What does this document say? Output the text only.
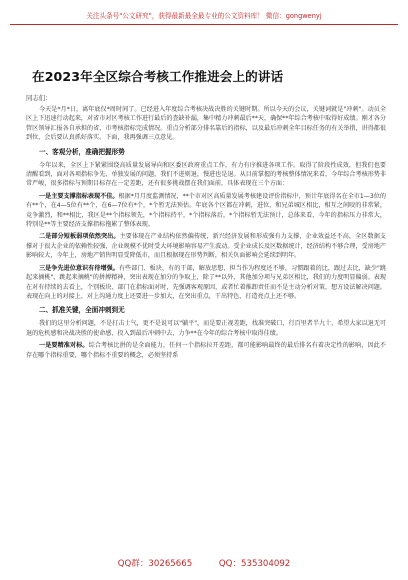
关注头条号"公文研究"，获得最新最全最专业的公文资料库！ 微信：gongwenyj
在2023年全区综合考核工作推进会上的讲话
同志们：

今天是*月*日，离年底仅*周时间了。已经进入年度综合考核决战决胜的关键时期。所以今天的会议，关键词就是"冲刺"。动员全区上下迅速行动起来，对省市对区考核工作进行最后的查缺补漏，集中精力冲刺最后**天，确保**年综合考核中取得好成绩。刚才各分管区领导汇报各自承担的省、市考核指标完成情况。重点分析部分排名靠后的指标，以及最后冲刺全年目标任务的有关举措，讲得都很到位，会后要认真抓好落实。下面，我再强调三点意见。

一、客观分析，准确把握形势

今年以来，全区上下紧紧围绕高质量发展导向和区委区政府重点工作，有力有序推进各项工作。取得了阶段性成效，但我们也要清醒看到，面对各项指标争先、单独发展的问题，我们不进则退，慢进也是退。从目前掌握的考核整体情况来看，今年综合考核形势非常严峻，很多指标与预期目标存在一定差距，还有很多挑战摆在我们面前，具体表现在三个方面：

一是主要支撑指标表现不佳。根据*月月度监测情况，**个市对区高质量发展考核建设评价指标中，预计年底得名在全市1—3位的有**个，在4—5位有**个，在6—7位有*个，*个暂无法预估。年底各个区都在冲刺，进位，和兄弟城区相比，相互之间咬的非常紧，竞争激烈，和**相比，我区是**个指标领先，*个指标持平，*个指标落后，*个指标暂无法预计，总体来看，今年的指标压力非常大，特别是**等主要经济支撑指标拖累了整体表现。

二是部分短板弱项依然突出。主要体现在产业结构依然偏传统，新兴经济发展和形成强有力支撑，企业效益还不高，全区数据支撑对于很大企业的依赖性较强，企业规模不优时受大环境影响容易产生波动。受企业成长及区数据统计，经济结构不够合理，受房地产影响较大，今年上，房地产销售明显受降低市，而且根据现在形势判断，相关负面影响会延续到明年。

三是争先进位意识有待增强。有些部门、板块、有的干部，解放思想、担当作为程度还不够，习惯跟着的比，跟过去比，缺少"跳起来摘桃"、跳起来摘桃"的拼搏精神，突出表现在加分的争取上，除了**以外，其他加分项与兄弟区相比，我们的力度明显偏弱。表现在对有持续的去看上，个别板块、部门在指标面对时，先强调客观原因，或者忙着推卸责任而不是主动分析对策，想方设法解决问题。表现在向上的对接上，对上沟通力度上还要进一步加大，在突出重点，干出特色，打造亮点上还不够。

二、抓准关键，全面冲刺到无

我们的这里分析问题，不是打击士气，更不是说可以"躺平"，而是要正视差距，找准突破口，行百里者半九十，希望大家以退无可退的危机感和决战决胜的使命感，投入到最后冲刺中去，力争**在今年的综合考核中取得佳绩。

一是要精准对标。综合考核比拼的是全面能力，任何一个指标拉开差距，都可能影响最终的最后排名有着决定性的影响，因此不存在哪个指标重要，哪个指标不重要的概念，必须坚持系

QQ群：30265665	QQ：535304092
